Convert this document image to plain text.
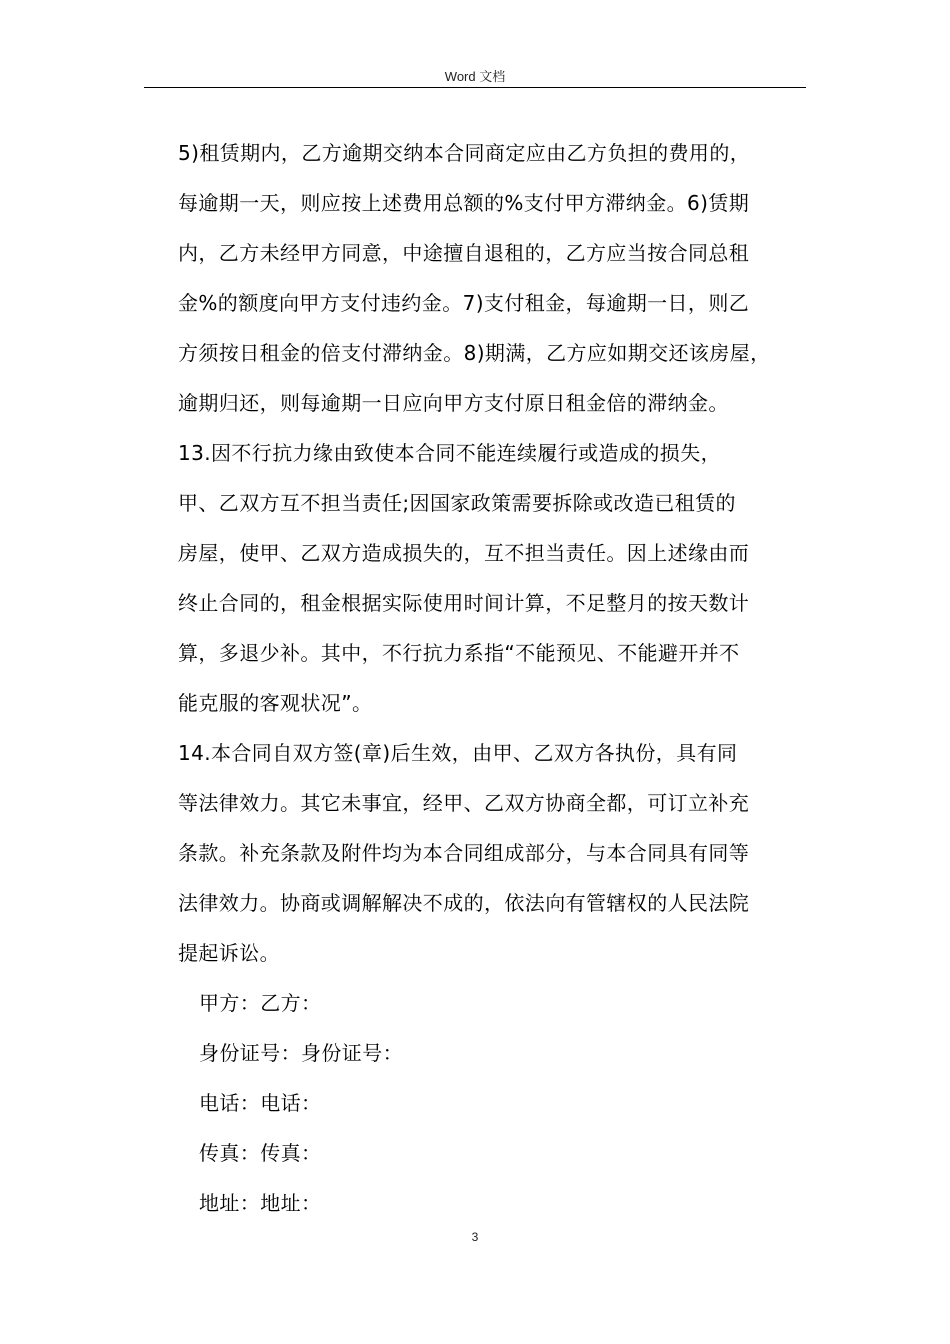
Word 文档
5)租赁期内，乙方逾期交纳本合同商定应由乙方负担的费用的，
每逾期一天，则应按上述费用总额的%支付甲方滞纳金。6)赁期
内，乙方未经甲方同意，中途擅自退租的，乙方应当按合同总租
金%的额度向甲方支付违约金。7)支付租金，每逾期一日，则乙
方须按日租金的倍支付滞纳金。8)期满，乙方应如期交还该房屋，
逾期归还，则每逾期一日应向甲方支付原日租金倍的滞纳金。
13.因不行抗力缘由致使本合同不能连续履行或造成的损失，
甲、乙双方互不担当责任;因国家政策需要拆除或改造已租赁的
房屋，使甲、乙双方造成损失的，互不担当责任。因上述缘由而
终止合同的，租金根据实际使用时间计算，不足整月的按天数计
算，多退少补。其中，不行抗力系指“不能预见、不能避开并不
能克服的客观状况”。
14.本合同自双方签(章)后生效，由甲、乙双方各执份，具有同
等法律效力。其它未事宜，经甲、乙双方协商全都，可订立补充
条款。补充条款及附件均为本合同组成部分，与本合同具有同等
法律效力。协商或调解解决不成的，依法向有管辖权的人民法院
提起诉讼。
甲方：乙方：
身份证号：身份证号：
电话：电话：
传真：传真：
地址：地址：
3
